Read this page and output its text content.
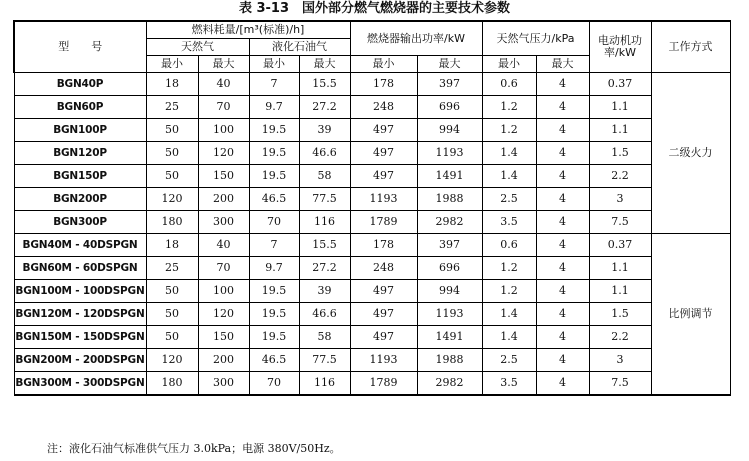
表 3-13　国外部分燃气燃烧器的主要技术参数
型　　号	燃料耗量/[m³(标准)/h]				燃烧器输出功率/kW		天然气压力/kPa		电动机功率/kW	工作方式
	天然气		液化石油气							
	最小	最大	最小	最大	最小	最大	最小	最大		
BGN40P	18	40	7	15.5	178	397	0.6	4	0.37	二级火力
BGN60P	25	70	9.7	27.2	248	696	1.2	4	1.1	
BGN100P	50	100	19.5	39	497	994	1.2	4	1.1	
BGN120P	50	120	19.5	46.6	497	1193	1.4	4	1.5	
BGN150P	50	150	19.5	58	497	1491	1.4	4	2.2	
BGN200P	120	200	46.5	77.5	1193	1988	2.5	4	3	
BGN300P	180	300	70	116	1789	2982	3.5	4	7.5	
BGN40M - 40DSPGN	18	40	7	15.5	178	397	0.6	4	0.37	比例调节
BGN60M - 60DSPGN	25	70	9.7	27.2	248	696	1.2	4	1.1	
BGN100M - 100DSPGN	50	100	19.5	39	497	994	1.2	4	1.1	
BGN120M - 120DSPGN	50	120	19.5	46.6	497	1193	1.4	4	1.5	
BGN150M - 150DSPGN	50	150	19.5	58	497	1491	1.4	4	2.2	
BGN200M - 200DSPGN	120	200	46.5	77.5	1193	1988	2.5	4	3	
BGN300M - 300DSPGN	180	300	70	116	1789	2982	3.5	4	7.5	
注：液化石油气标准供气压力 3.0kPa；电源 380V/50Hz。
